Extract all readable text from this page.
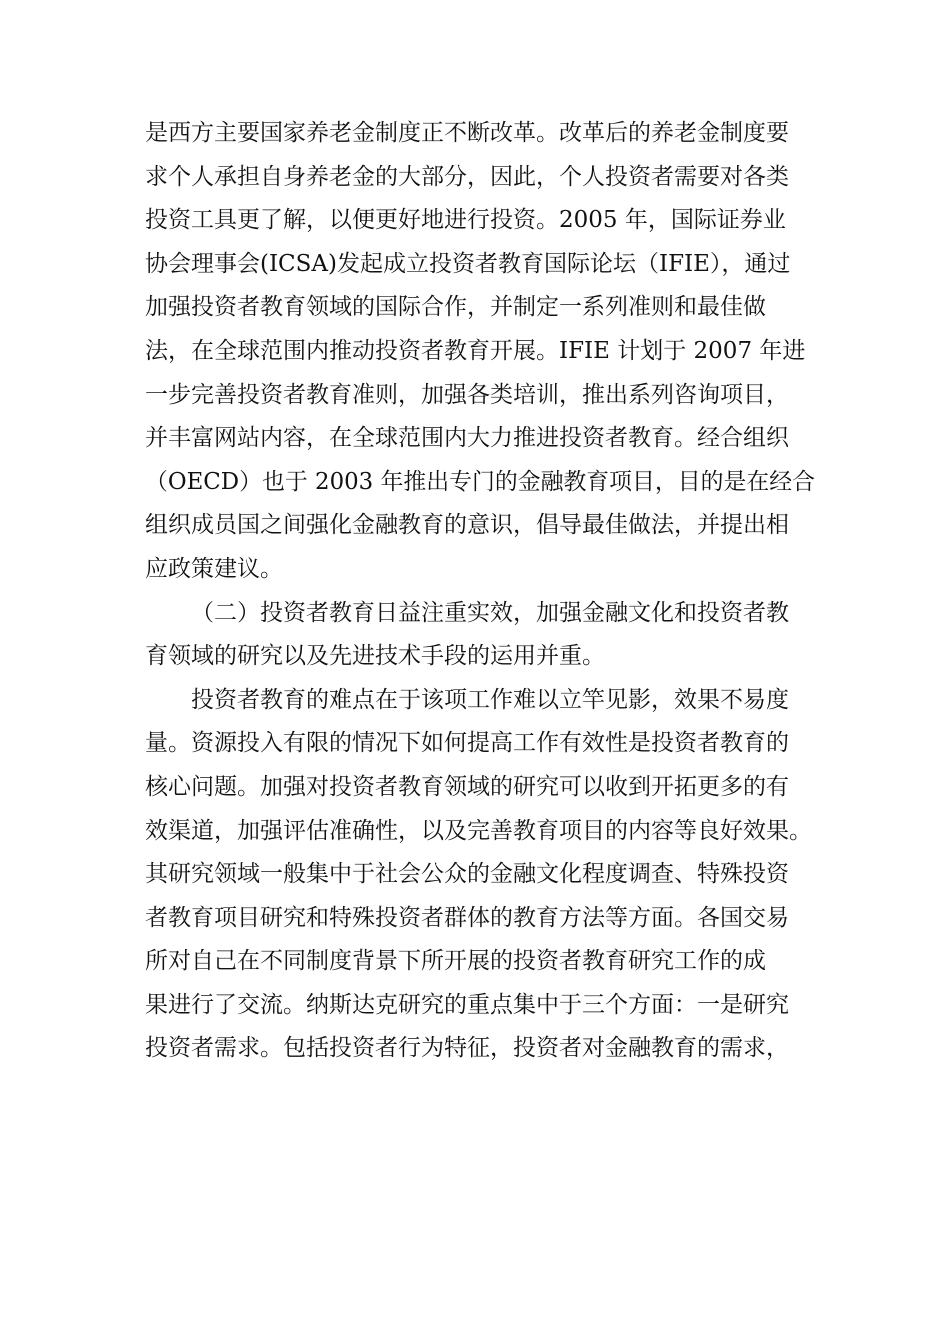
是西方主要国家养老金制度正不断改革。改革后的养老金制度要
求个人承担自身养老金的大部分，因此，个人投资者需要对各类
投资工具更了解，以便更好地进行投资。2005 年，国际证券业
协会理事会(ICSA)发起成立投资者教育国际论坛（IFIE），通过
加强投资者教育领域的国际合作，并制定一系列准则和最佳做
法，在全球范围内推动投资者教育开展。IFIE 计划于 2007 年进
一步完善投资者教育准则，加强各类培训，推出系列咨询项目，
并丰富网站内容，在全球范围内大力推进投资者教育。经合组织
（OECD）也于 2003 年推出专门的金融教育项目，目的是在经合
组织成员国之间强化金融教育的意识，倡导最佳做法，并提出相
应政策建议。
（二）投资者教育日益注重实效，加强金融文化和投资者教
育领域的研究以及先进技术手段的运用并重。
投资者教育的难点在于该项工作难以立竿见影，效果不易度
量。资源投入有限的情况下如何提高工作有效性是投资者教育的
核心问题。加强对投资者教育领域的研究可以收到开拓更多的有
效渠道，加强评估准确性，以及完善教育项目的内容等良好效果。
其研究领域一般集中于社会公众的金融文化程度调查、特殊投资
者教育项目研究和特殊投资者群体的教育方法等方面。各国交易
所对自己在不同制度背景下所开展的投资者教育研究工作的成
果进行了交流。纳斯达克研究的重点集中于三个方面：一是研究
投资者需求。包括投资者行为特征，投资者对金融教育的需求，
